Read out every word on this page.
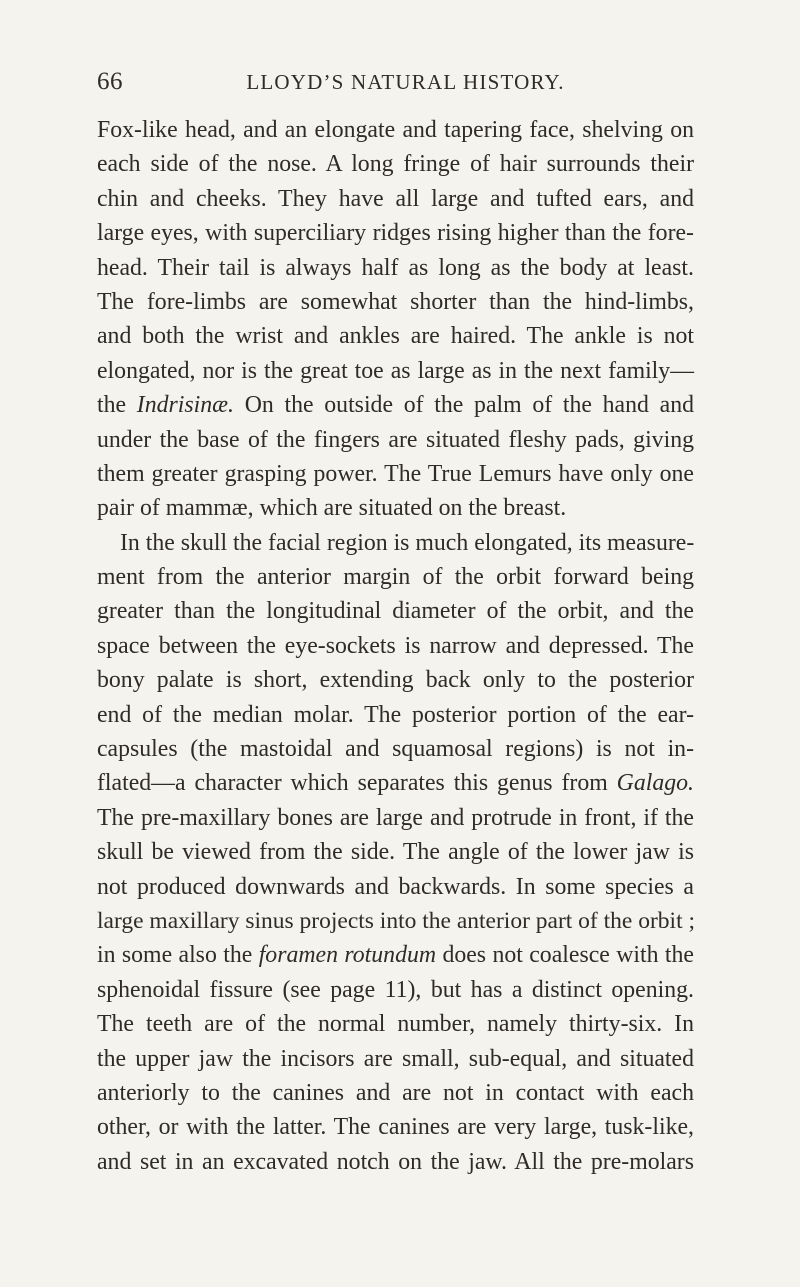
66	LLOYD’S NATURAL HISTORY.
Fox-like head, and an elongate and tapering face, shelving on
each side of the nose. A long fringe of hair surrounds their
chin and cheeks. They have all large and tufted ears, and
large eyes, with superciliary ridges rising higher than the fore-
head. Their tail is always half as long as the body at least.
The fore-limbs are somewhat shorter than the hind-limbs,
and both the wrist and ankles are haired. The ankle is not
elongated, nor is the great toe as large as in the next family—
the Indrisinæ. On the outside of the palm of the hand and
under the base of the fingers are situated fleshy pads, giving
them greater grasping power. The True Lemurs have only one
pair of mammæ, which are situated on the breast.
In the skull the facial region is much elongated, its measure-
ment from the anterior margin of the orbit forward being
greater than the longitudinal diameter of the orbit, and the
space between the eye-sockets is narrow and depressed. The
bony palate is short, extending back only to the posterior
end of the median molar. The posterior portion of the ear-
capsules (the mastoidal and squamosal regions) is not in-
flated—a character which separates this genus from Galago.
The pre-maxillary bones are large and protrude in front, if the
skull be viewed from the side. The angle of the lower jaw is
not produced downwards and backwards. In some species a
large maxillary sinus projects into the anterior part of the orbit ;
in some also the foramen rotundum does not coalesce with the
sphenoidal fissure (see page 11), but has a distinct opening.
The teeth are of the normal number, namely thirty-six. In
the upper jaw the incisors are small, sub-equal, and situated
anteriorly to the canines and are not in contact with each
other, or with the latter. The canines are very large, tusk-like,
and set in an excavated notch on the jaw. All the pre-molars
